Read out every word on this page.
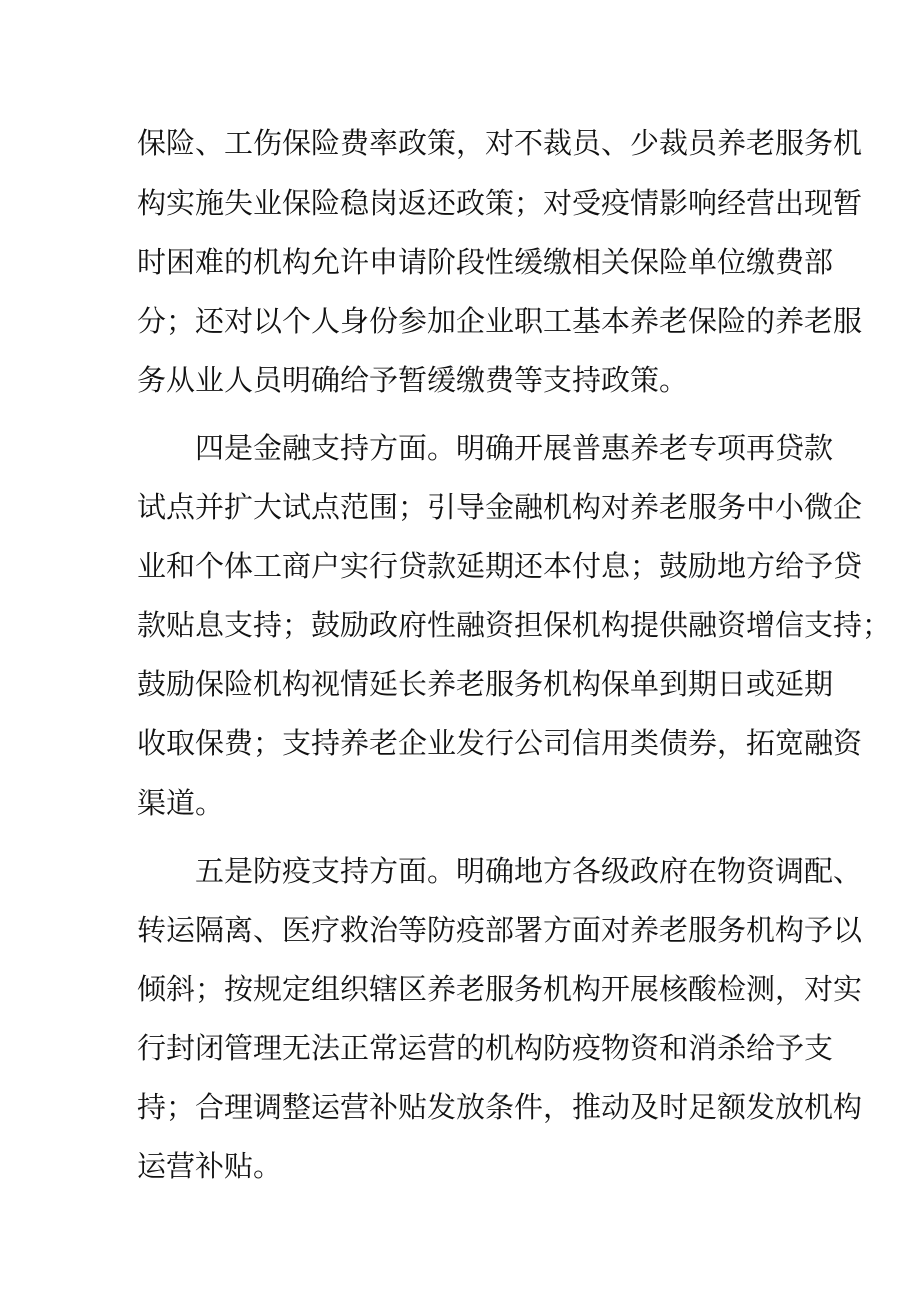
保险、工伤保险费率政策，对不裁员、少裁员养老服务机
构实施失业保险稳岗返还政策；对受疫情影响经营出现暂
时困难的机构允许申请阶段性缓缴相关保险单位缴费部
分；还对以个人身份参加企业职工基本养老保险的养老服
务从业人员明确给予暂缓缴费等支持政策。
四是金融支持方面。明确开展普惠养老专项再贷款
试点并扩大试点范围；引导金融机构对养老服务中小微企
业和个体工商户实行贷款延期还本付息；鼓励地方给予贷
款贴息支持；鼓励政府性融资担保机构提供融资增信支持；
鼓励保险机构视情延长养老服务机构保单到期日或延期
收取保费；支持养老企业发行公司信用类债券，拓宽融资
渠道。
五是防疫支持方面。明确地方各级政府在物资调配、
转运隔离、医疗救治等防疫部署方面对养老服务机构予以
倾斜；按规定组织辖区养老服务机构开展核酸检测，对实
行封闭管理无法正常运营的机构防疫物资和消杀给予支
持；合理调整运营补贴发放条件，推动及时足额发放机构
运营补贴。
